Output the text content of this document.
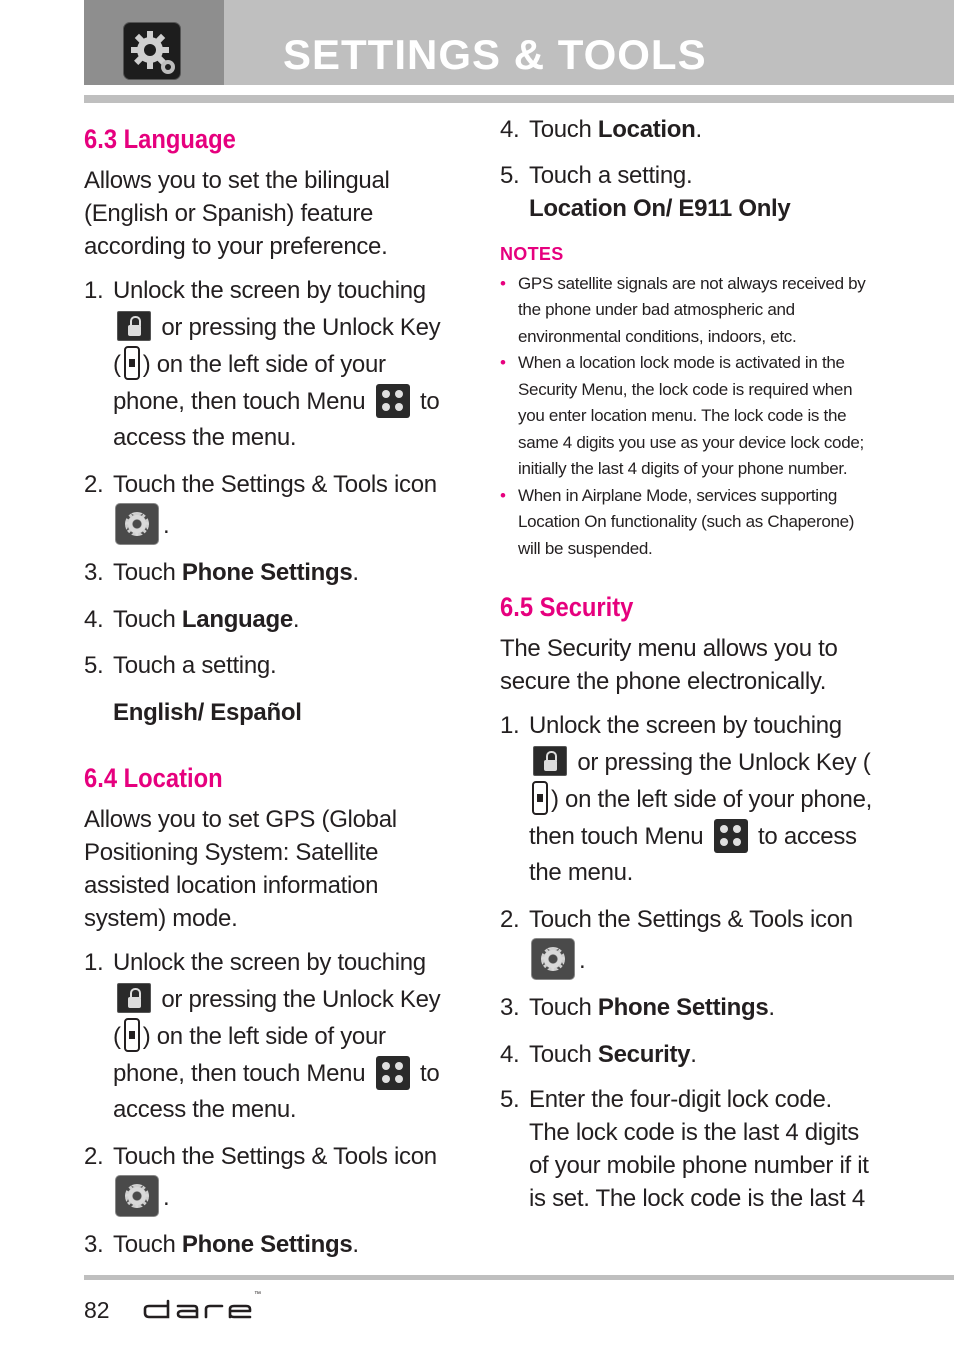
SETTINGS & TOOLS
6.3 Language

Allows you to set the bilingual (English or Spanish) feature according to your preference.

1. Unlock the screen by touching  or pressing the Unlock Key ( ) on the left side of your phone, then touch Menu to access the menu.
2. Touch the Settings & Tools icon
.
3. Touch Phone Settings.
4. Touch Language.
5. Touch a setting.
English/ Español
6.4 Location

Allows you to set GPS (Global Positioning System: Satellite assisted location information system) mode.

1. Unlock the screen by touching  or pressing the Unlock Key ( ) on the left side of your phone, then touch Menu to access the menu.
2. Touch the Settings & Tools icon
.
3. Touch Phone Settings.
4. Touch Location.
5. Touch a setting.
Location On/ E911 Only
NOTES
• GPS satellite signals are not always received by the phone under bad atmospheric and environmental conditions, indoors, etc.
• When a location lock mode is activated in the Security Menu, the lock code is required when you enter location menu. The lock code is the same 4 digits you use as your device lock code; initially the last 4 digits of your phone number.
• When in Airplane Mode, services supporting Location On functionality (such as Chaperone) will be suspended.
6.5 Security

The Security menu allows you to secure the phone electronically.

1. Unlock the screen by touching  or pressing the Unlock Key () on the left side of your phone, then touch Menu to access the menu.
2. Touch the Settings & Tools icon
.
3. Touch Phone Settings.
4. Touch Security.
5. Enter the four-digit lock code. The lock code is the last 4 digits of your mobile phone number if it is set. The lock code is the last 4
82
™
